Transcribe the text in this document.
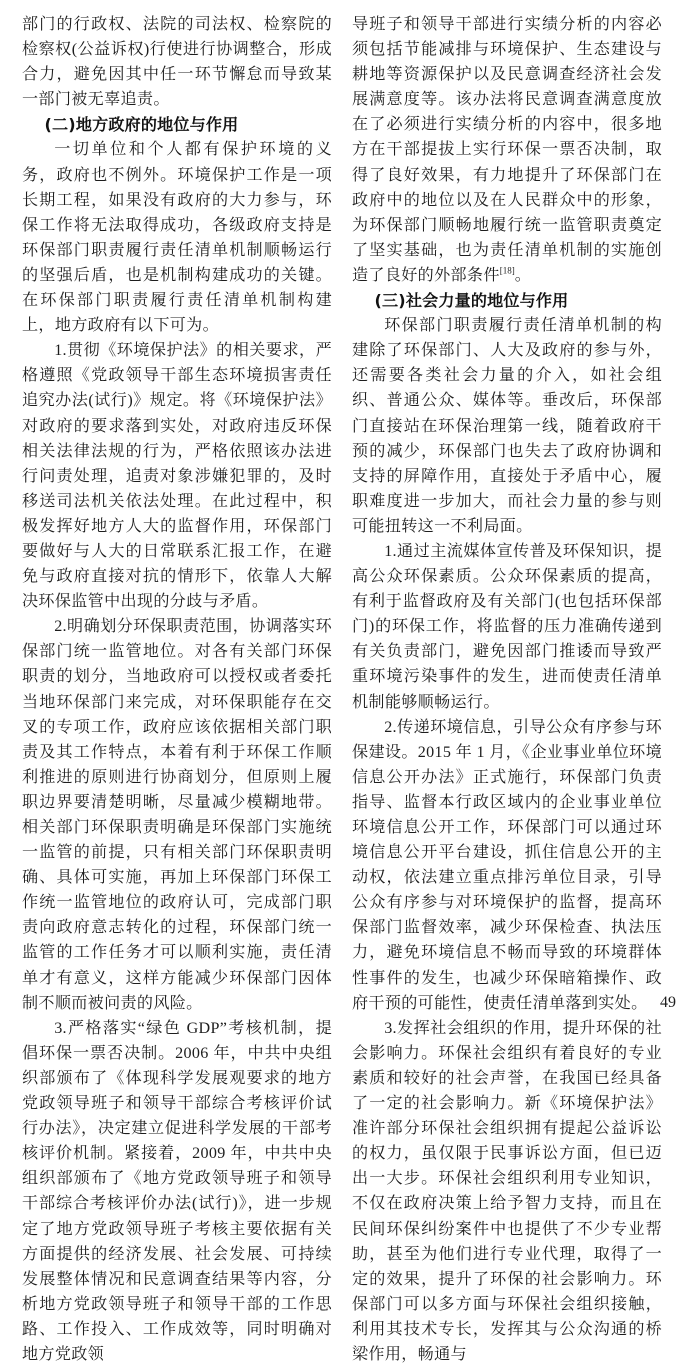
部门的行政权、法院的司法权、检察院的检察权(公益诉权)行使进行协调整合，形成合力，避免因其中任一环节懈怠而导致某一部门被无辜追责。

(二)地方政府的地位与作用

一切单位和个人都有保护环境的义务，政府也不例外。环境保护工作是一项长期工程，如果没有政府的大力参与，环保工作将无法取得成功，各级政府支持是环保部门职责履行责任清单机制顺畅运行的坚强后盾，也是机制构建成功的关键。在环保部门职责履行责任清单机制构建上，地方政府有以下可为。

1.贯彻《环境保护法》的相关要求，严格遵照《党政领导干部生态环境损害责任追究办法(试行)》规定。将《环境保护法》对政府的要求落到实处，对政府违反环保相关法律法规的行为，严格依照该办法进行问责处理，追责对象涉嫌犯罪的，及时移送司法机关依法处理。在此过程中，积极发挥好地方人大的监督作用，环保部门要做好与人大的日常联系汇报工作，在避免与政府直接对抗的情形下，依靠人大解决环保监管中出现的分歧与矛盾。

2.明确划分环保职责范围，协调落实环保部门统一监管地位。对各有关部门环保职责的划分，当地政府可以授权或者委托当地环保部门来完成，对环保职能存在交叉的专项工作，政府应该依据相关部门职责及其工作特点，本着有利于环保工作顺利推进的原则进行协商划分，但原则上履职边界要清楚明晰，尽量减少模糊地带。相关部门环保职责明确是环保部门实施统一监管的前提，只有相关部门环保职责明确、具体可实施，再加上环保部门环保工作统一监管地位的政府认可，完成部门职责向政府意志转化的过程，环保部门统一监管的工作任务才可以顺利实施，责任清单才有意义，这样方能减少环保部门因体制不顺而被问责的风险。

3.严格落实“绿色 GDP”考核机制，提倡环保一票否决制。2006 年，中共中央组织部颁布了《体现科学发展观要求的地方党政领导班子和领导干部综合考核评价试行办法》，决定建立促进科学发展的干部考核评价机制。紧接着，2009 年，中共中央组织部颁布了《地方党政领导班子和领导干部综合考核评价办法(试行)》，进一步规定了地方党政领导班子考核主要依据有关方面提供的经济发展、社会发展、可持续发展整体情况和民意调查结果等内容，分析地方党政领导班子和领导干部的工作思路、工作投入、工作成效等，同时明确对地方党政领

导班子和领导干部进行实绩分析的内容必须包括节能减排与环境保护、生态建设与耕地等资源保护以及民意调查经济社会发展满意度等。该办法将民意调查满意度放在了必须进行实绩分析的内容中，很多地方在干部提拔上实行环保一票否决制，取得了良好效果，有力地提升了环保部门在政府中的地位以及在人民群众中的形象，为环保部门顺畅地履行统一监管职责奠定了坚实基础，也为责任清单机制的实施创造了良好的外部条件[18]。

(三)社会力量的地位与作用

环保部门职责履行责任清单机制的构建除了环保部门、人大及政府的参与外，还需要各类社会力量的介入，如社会组织、普通公众、媒体等。垂改后，环保部门直接站在环保治理第一线，随着政府干预的减少，环保部门也失去了政府协调和支持的屏障作用，直接处于矛盾中心，履职难度进一步加大，而社会力量的参与则可能扭转这一不利局面。

1.通过主流媒体宣传普及环保知识，提高公众环保素质。公众环保素质的提高，有利于监督政府及有关部门(也包括环保部门)的环保工作，将监督的压力准确传递到有关负责部门，避免因部门推诿而导致严重环境污染事件的发生，进而使责任清单机制能够顺畅运行。

2.传递环境信息，引导公众有序参与环保建设。2015 年 1 月，《企业事业单位环境信息公开办法》正式施行，环保部门负责指导、监督本行政区域内的企业事业单位环境信息公开工作，环保部门可以通过环境信息公开平台建设，抓住信息公开的主动权，依法建立重点排污单位目录，引导公众有序参与对环境保护的监督，提高环保部门监督效率，减少环保检查、执法压力，避免环境信息不畅而导致的环境群体性事件的发生，也减少环保暗箱操作、政府干预的可能性，使责任清单落到实处。

3.发挥社会组织的作用，提升环保的社会影响力。环保社会组织有着良好的专业素质和较好的社会声誉，在我国已经具备了一定的社会影响力。新《环境保护法》准许部分环保社会组织拥有提起公益诉讼的权力，虽仅限于民事诉讼方面，但已迈出一大步。环保社会组织利用专业知识，不仅在政府决策上给予智力支持，而且在民间环保纠纷案件中也提供了不少专业帮助，甚至为他们进行专业代理，取得了一定的效果，提升了环保的社会影响力。环保部门可以多方面与环保社会组织接触，利用其技术专长，发挥其与公众沟通的桥梁作用，畅通与

49
